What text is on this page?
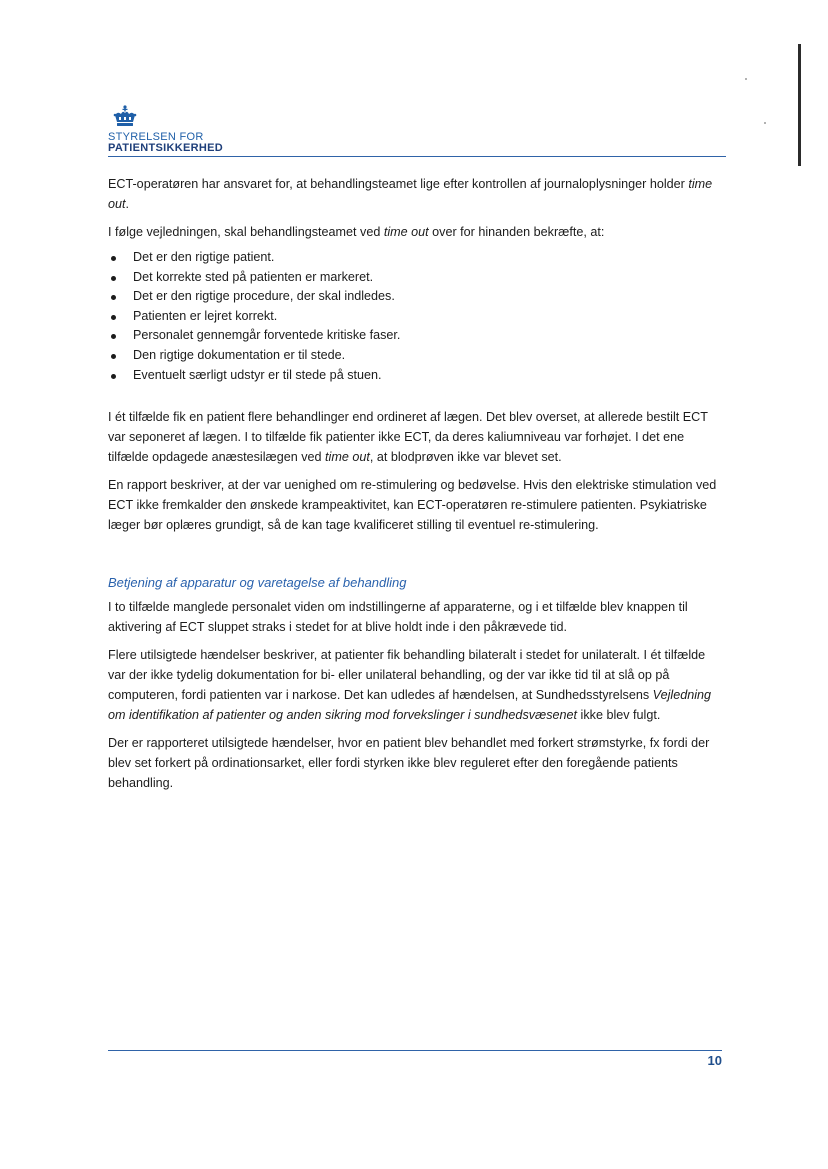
STYRELSEN FOR
PATIENTSIKKERHED

ECT-operatøren har ansvaret for, at behandlingsteamet lige efter kontrollen af journaloplysninger holder time out.

I følge vejledningen, skal behandlingsteamet ved time out over for hinanden bekræfte, at:

Det er den rigtige patient.
Det korrekte sted på patienten er markeret.
Det er den rigtige procedure, der skal indledes.
Patienten er lejret korrekt.
Personalet gennemgår forventede kritiske faser.
Den rigtige dokumentation er til stede.
Eventuelt særligt udstyr er til stede på stuen.

I ét tilfælde fik en patient flere behandlinger end ordineret af lægen. Det blev overset, at allerede bestilt ECT var seponeret af lægen. I to tilfælde fik patienter ikke ECT, da deres kaliumniveau var forhøjet. I det ene tilfælde opdagede anæstesilægen ved time out, at blodprøven ikke var blevet set.

En rapport beskriver, at der var uenighed om re-stimulering og bedøvelse. Hvis den elektriske stimulation ved ECT ikke fremkalder den ønskede krampeaktivitet, kan ECT-operatøren re-stimulere patienten. Psykiatriske læger bør oplæres grundigt, så de kan tage kvalificeret stilling til eventuel re-stimulering.

Betjening af apparatur og varetagelse af behandling

I to tilfælde manglede personalet viden om indstillingerne af apparaterne, og i et tilfælde blev knappen til aktivering af ECT sluppet straks i stedet for at blive holdt inde i den påkrævede tid.

Flere utilsigtede hændelser beskriver, at patienter fik behandling bilateralt i stedet for unilateralt. I ét tilfælde var der ikke tydelig dokumentation for bi- eller unilateral behandling, og der var ikke tid til at slå op på computeren, fordi patienten var i narkose. Det kan udledes af hændelsen, at Sundhedsstyrelsens Vejledning om identifikation af patienter og anden sikring mod forvekslinger i sundhedsvæsenet ikke blev fulgt.

Der er rapporteret utilsigtede hændelser, hvor en patient blev behandlet med forkert strømstyrke, fx fordi der blev set forkert på ordinationsarket, eller fordi styrken ikke blev reguleret efter den foregående patients behandling.

10
